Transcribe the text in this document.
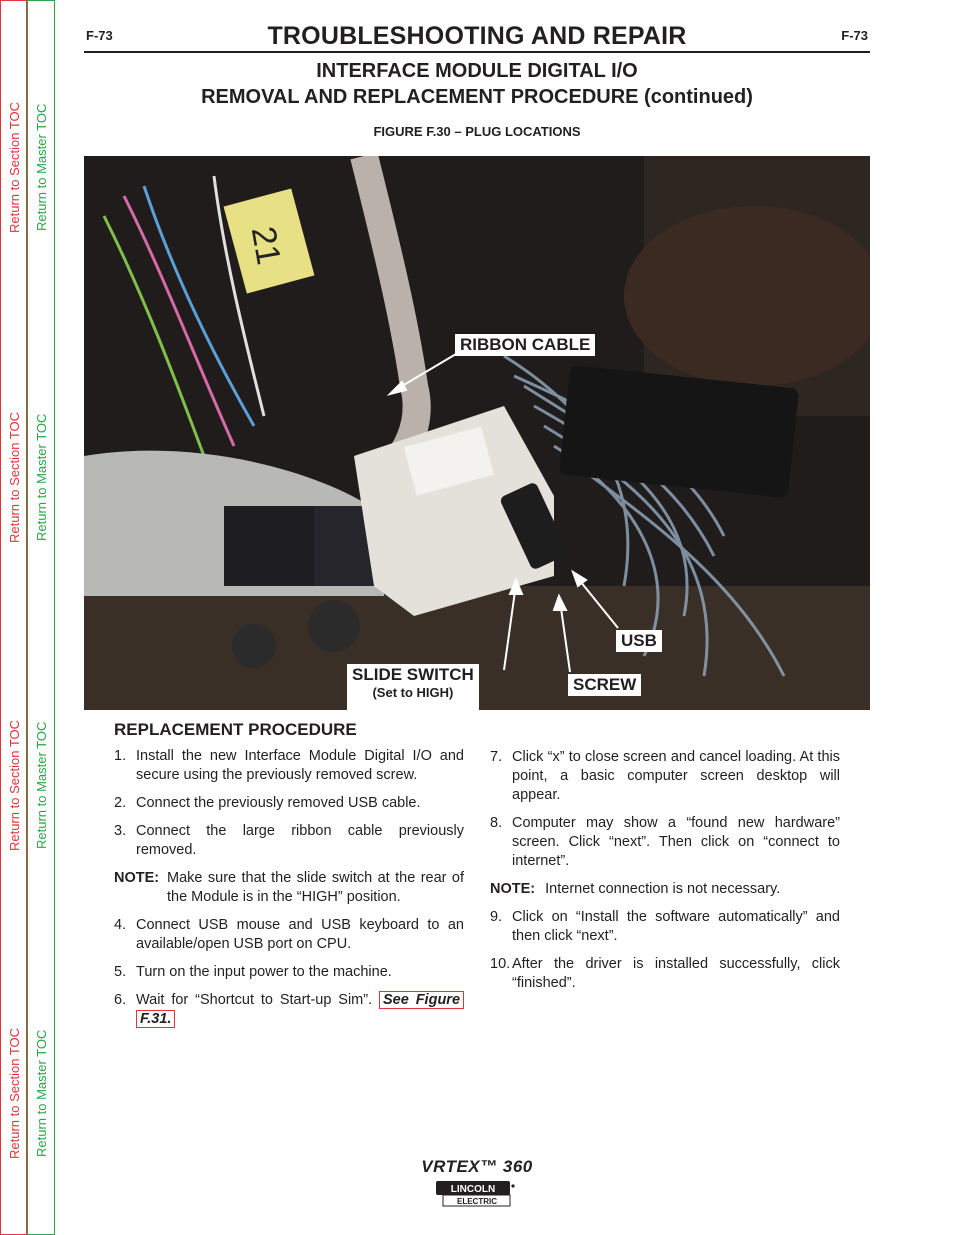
Return to Section TOC
Return to Section TOC
Return to Section TOC
Return to Section TOC
Return to Master TOC
Return to Master TOC
Return to Master TOC
Return to Master TOC
F-73	F-73
TROUBLESHOOTING AND REPAIR
INTERFACE MODULE DIGITAL I/O
REMOVAL AND REPLACEMENT PROCEDURE (continued)
FIGURE F.30 – PLUG LOCATIONS
21
RIBBON CABLE
USB
SLIDE SWITCH
(Set to HIGH)	SCREW
REPLACEMENT PROCEDURE
1. Install the new Interface Module Digital I/O and secure using the previously removed screw.
2. Connect the previously removed USB cable.
3. Connect the large ribbon cable previously removed.
NOTE: Make sure that the slide switch at the rear of the Module is in the “HIGH” position.
4. Connect USB mouse and USB keyboard to an available/open USB port on CPU.
5. Turn on the input power to the machine.
6. Wait for “Shortcut to Start-up Sim”. See Figure F.31.
7. Click “x” to close screen and cancel loading. At this point, a basic computer screen desktop will appear.
8. Computer may show a “found new hardware” screen. Click “next”. Then click on “connect to internet”.
NOTE: Internet connection is not necessary.
9. Click on “Install the software automatically” and then click “next”.
10. After the driver is installed successfully, click “finished”.
VRTEX™ 360
LINCOLN
ELECTRIC
